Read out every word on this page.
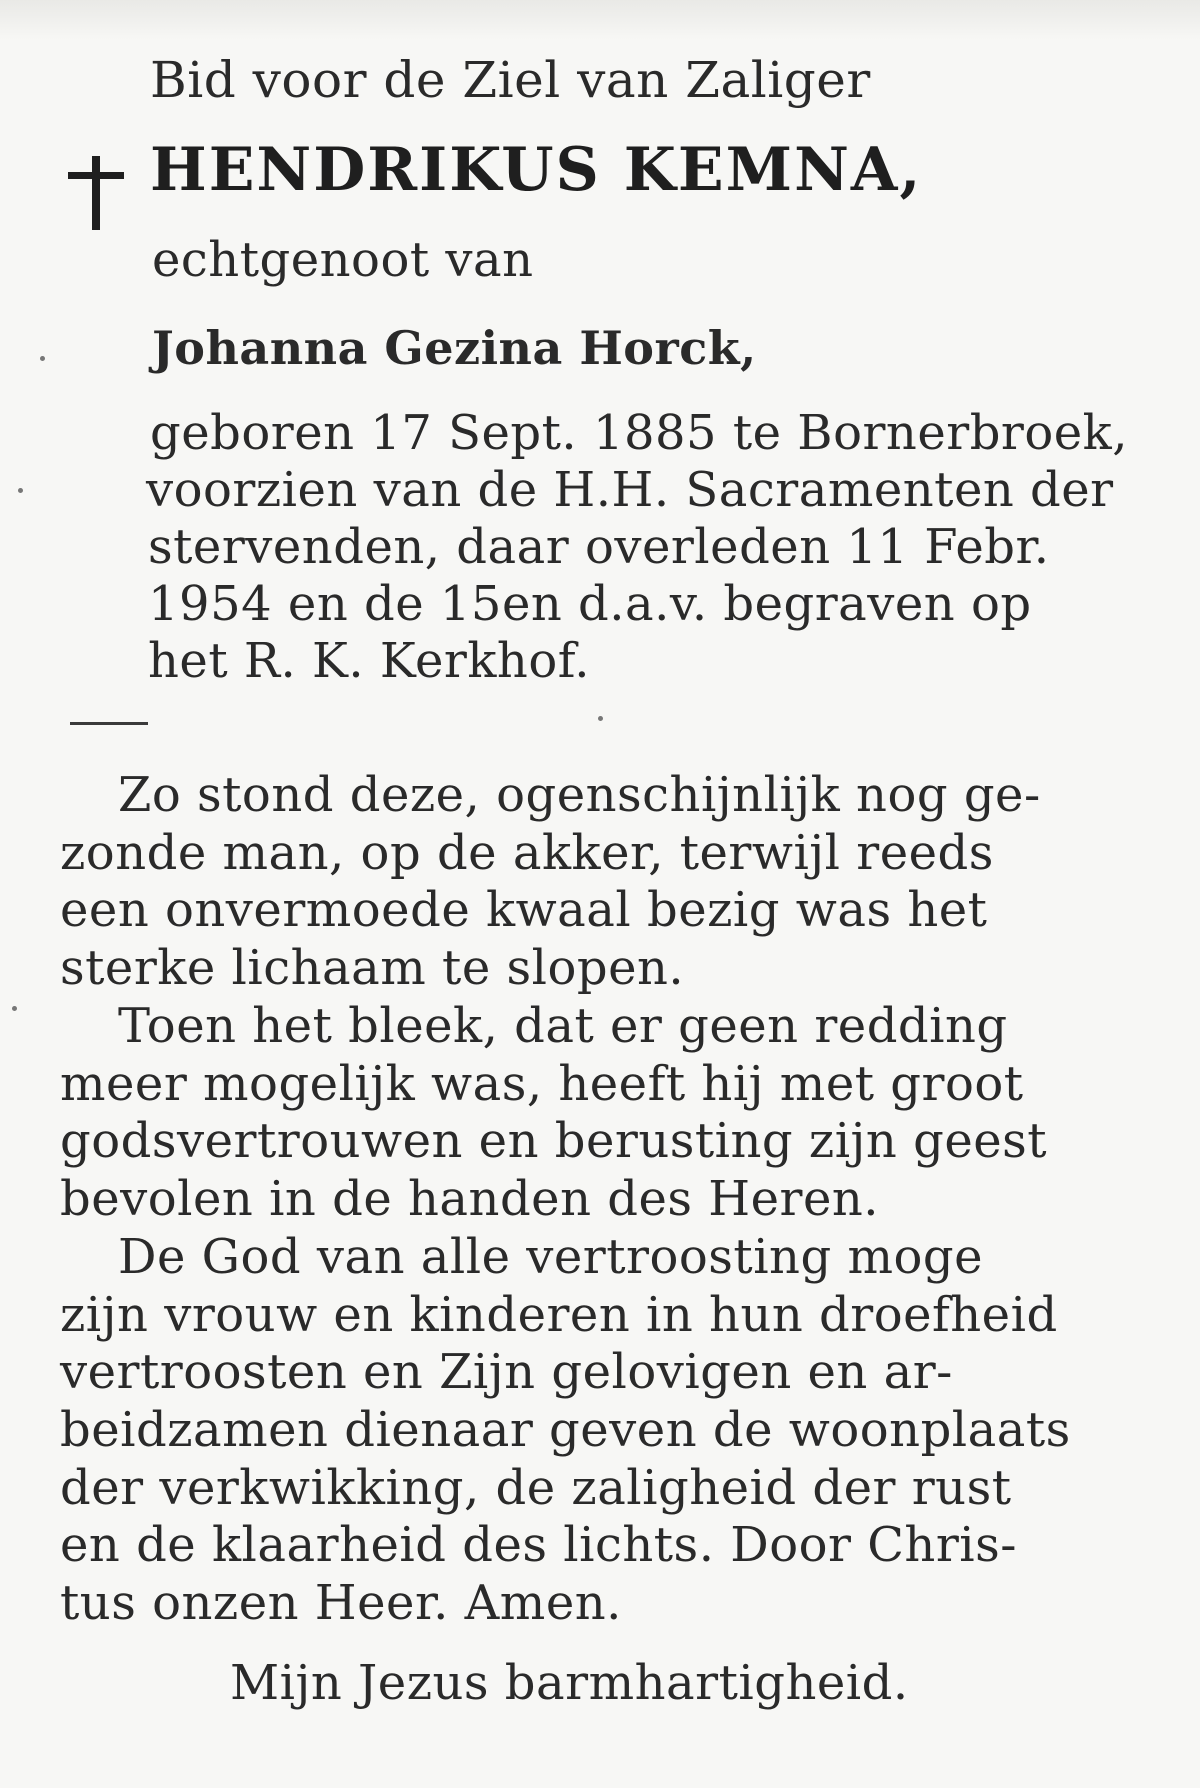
Bid voor de Ziel van Zaliger
HENDRIKUS KEMNA,
echtgenoot van
Johanna Gezina Horck,
geboren 17 Sept. 1885 te Bornerbroek,
voorzien van de H.H. Sacramenten der
stervenden, daar overleden 11 Febr.
1954 en de 15en d.a.v. begraven op
het R. K. Kerkhof.
Zo stond deze, ogenschijnlijk nog ge-
zonde man, op de akker, terwijl reeds
een onvermoede kwaal bezig was het
sterke lichaam te slopen.
Toen het bleek, dat er geen redding
meer mogelijk was, heeft hij met groot
godsvertrouwen en berusting zijn geest
bevolen in de handen des Heren.
De God van alle vertroosting moge
zijn vrouw en kinderen in hun droefheid
vertroosten en Zijn gelovigen en ar-
beidzamen dienaar geven de woonplaats
der verkwikking, de zaligheid der rust
en de klaarheid des lichts. Door Chris-
tus onzen Heer. Amen.
Mijn Jezus barmhartigheid.
